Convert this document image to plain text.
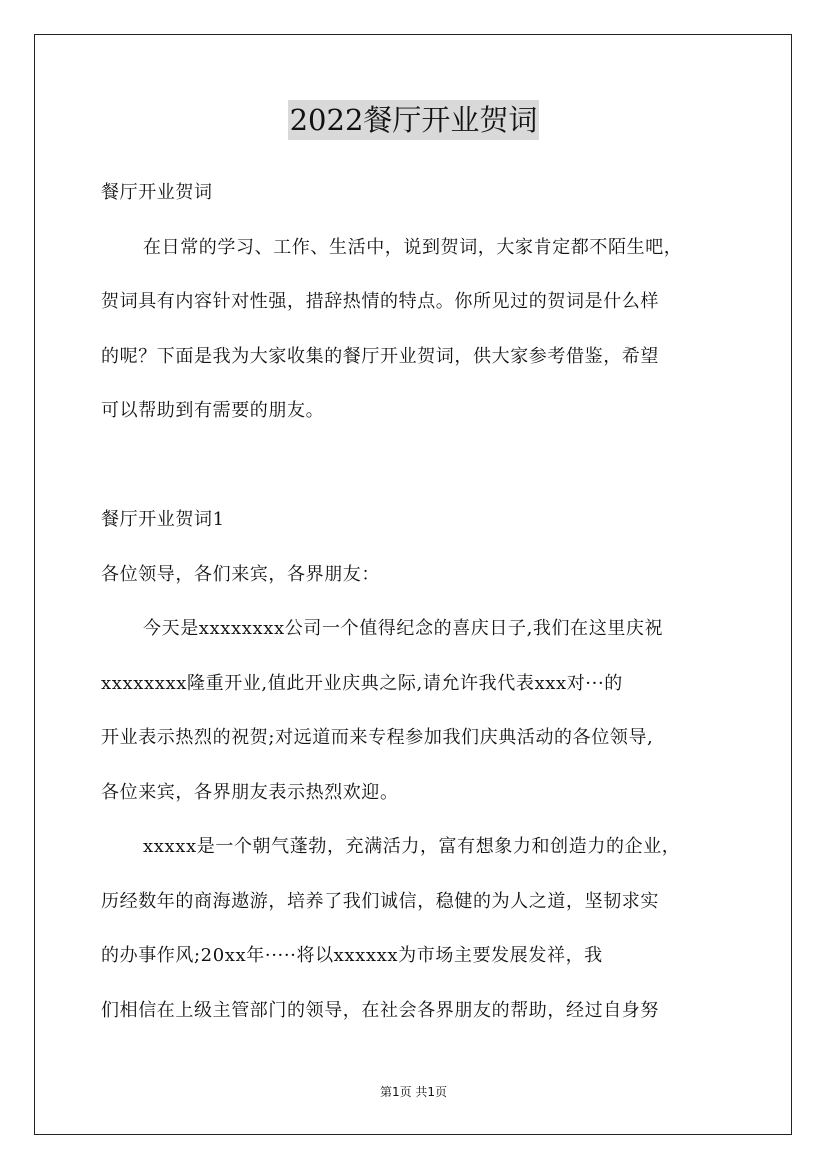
2022餐厅开业贺词
餐厅开业贺词
在日常的学习、工作、生活中，说到贺词，大家肯定都不陌生吧，
贺词具有内容针对性强，措辞热情的特点。你所见过的贺词是什么样
的呢？下面是我为大家收集的餐厅开业贺词，供大家参考借鉴，希望
可以帮助到有需要的朋友。
餐厅开业贺词1
各位领导，各们来宾，各界朋友：
今天是xxxxxxxx公司一个值得纪念的喜庆日子,我们在这里庆祝
xxxxxxxx隆重开业,值此开业庆典之际,请允许我代表xxx对···的
开业表示热烈的祝贺;对远道而来专程参加我们庆典活动的各位领导,
各位来宾，各界朋友表示热烈欢迎。
xxxxx是一个朝气蓬勃，充满活力，富有想象力和创造力的企业，
历经数年的商海遨游，培养了我们诚信，稳健的为人之道，坚韧求实
的办事作风;20xx年·····将以xxxxxx为市场主要发展发祥，我
们相信在上级主管部门的领导，在社会各界朋友的帮助，经过自身努
第1页 共1页
